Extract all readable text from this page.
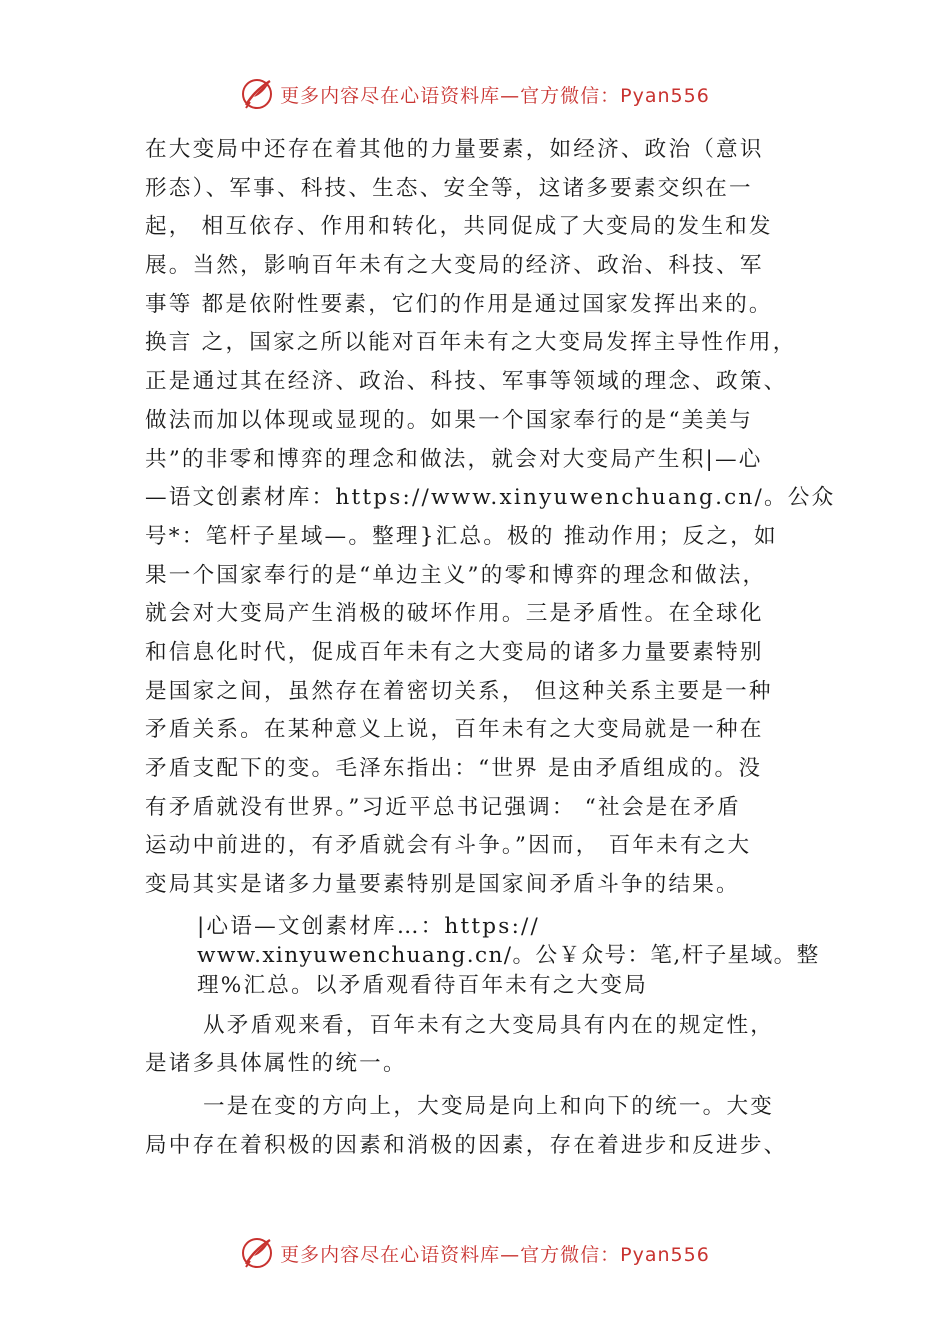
更多内容尽在心语资料库—官方微信：Pyan556
在大变局中还存在着其他的力量要素，如经济、政治（意识
形态）、军事、科技、生态、安全等，这诸多要素交织在一
起， 相互依存、作用和转化，共同促成了大变局的发生和发
展。当然，影响百年未有之大变局的经济、政治、科技、军
事等 都是依附性要素，它们的作用是通过国家发挥出来的。
换言 之，国家之所以能对百年未有之大变局发挥主导性作用，
正是通过其在经济、政治、科技、军事等领域的理念、政策、
做法而加以体现或显现的。如果一个国家奉行的是“美美与
共”的非零和博弈的理念和做法，就会对大变局产生积|—心
—语文创素材库：https://www.xinyuwenchuang.cn/。公众
号*：笔杆子星域—。整理}汇总。极的 推动作用；反之，如
果一个国家奉行的是“单边主义”的零和博弈的理念和做法，
就会对大变局产生消极的破坏作用。三是矛盾性。在全球化
和信息化时代，促成百年未有之大变局的诸多力量要素特别
是国家之间，虽然存在着密切关系， 但这种关系主要是一种
矛盾关系。在某种意义上说，百年未有之大变局就是一种在
矛盾支配下的变。毛泽东指出：“世界 是由矛盾组成的。没
有矛盾就没有世界。”习近平总书记强调： “社会是在矛盾
运动中前进的，有矛盾就会有斗争。”因而， 百年未有之大
变局其实是诸多力量要素特别是国家间矛盾斗争的结果。
|心语—文创素材库…：https://
www.xinyuwenchuang.cn/。公￥众号：笔,杆子星域。整
理%汇总。以矛盾观看待百年未有之大变局
从矛盾观来看，百年未有之大变局具有内在的规定性，
是诸多具体属性的统一。
一是在变的方向上，大变局是向上和向下的统一。大变
局中存在着积极的因素和消极的因素，存在着进步和反进步、
更多内容尽在心语资料库—官方微信：Pyan556
